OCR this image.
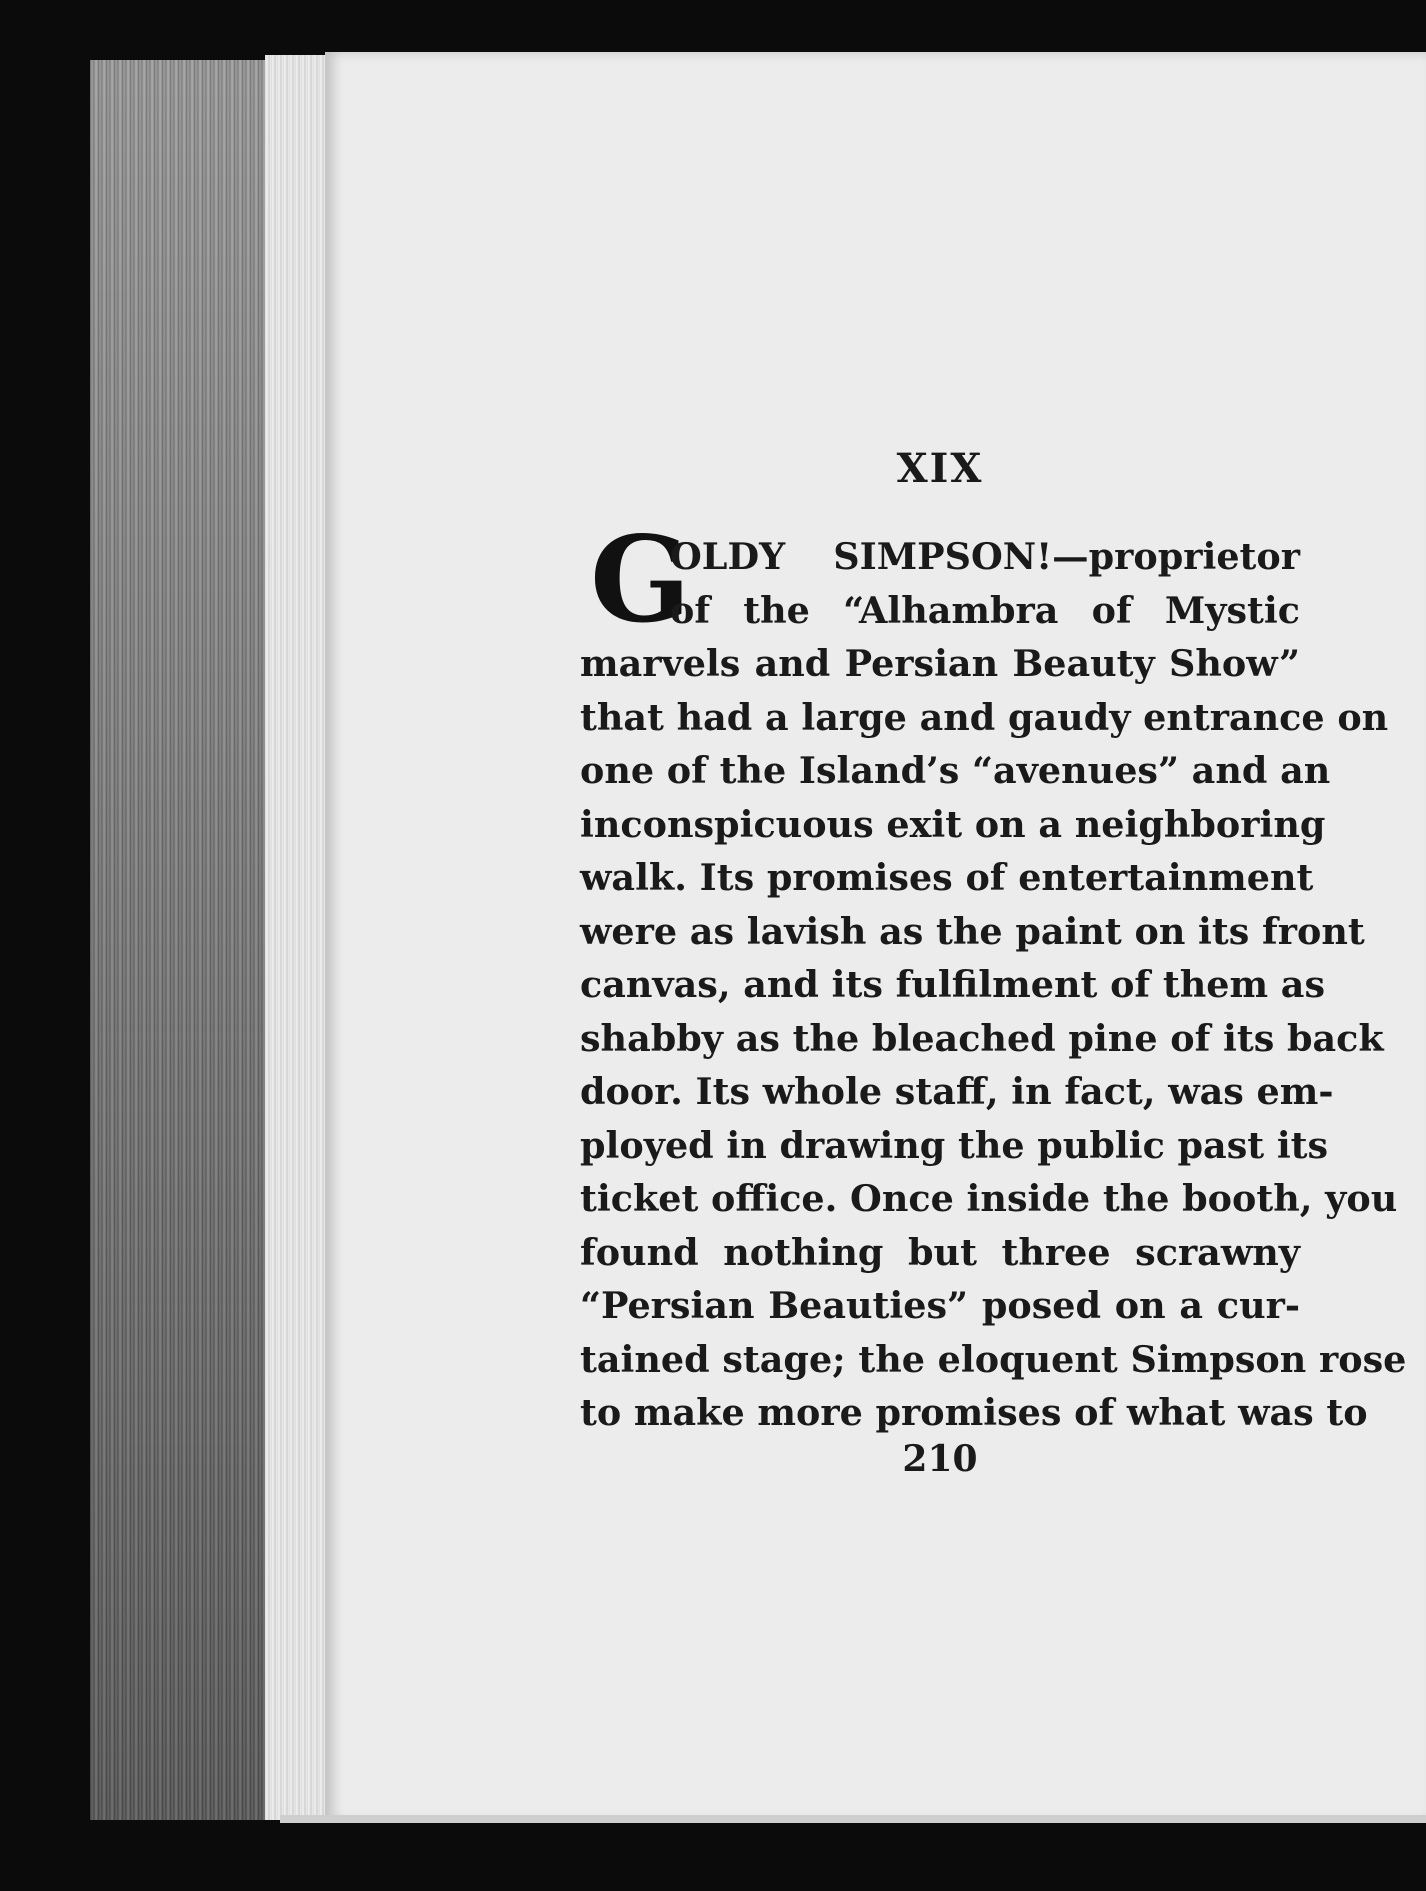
XIX
G
OLDY SIMPSON!—proprietor
of the “Alhambra of Mystic
marvels and Persian Beauty Show”
that had a large and gaudy entrance on
one of the Island’s “avenues” and an
inconspicuous exit on a neighboring
walk. Its promises of entertainment
were as lavish as the paint on its front
canvas, and its fulfilment of them as
shabby as the bleached pine of its back
door. Its whole staff, in fact, was em-
ployed in drawing the public past its
ticket office. Once inside the booth, you
found nothing but three scrawny
“Persian Beauties” posed on a cur-
tained stage; the eloquent Simpson rose
to make more promises of what was to

210
